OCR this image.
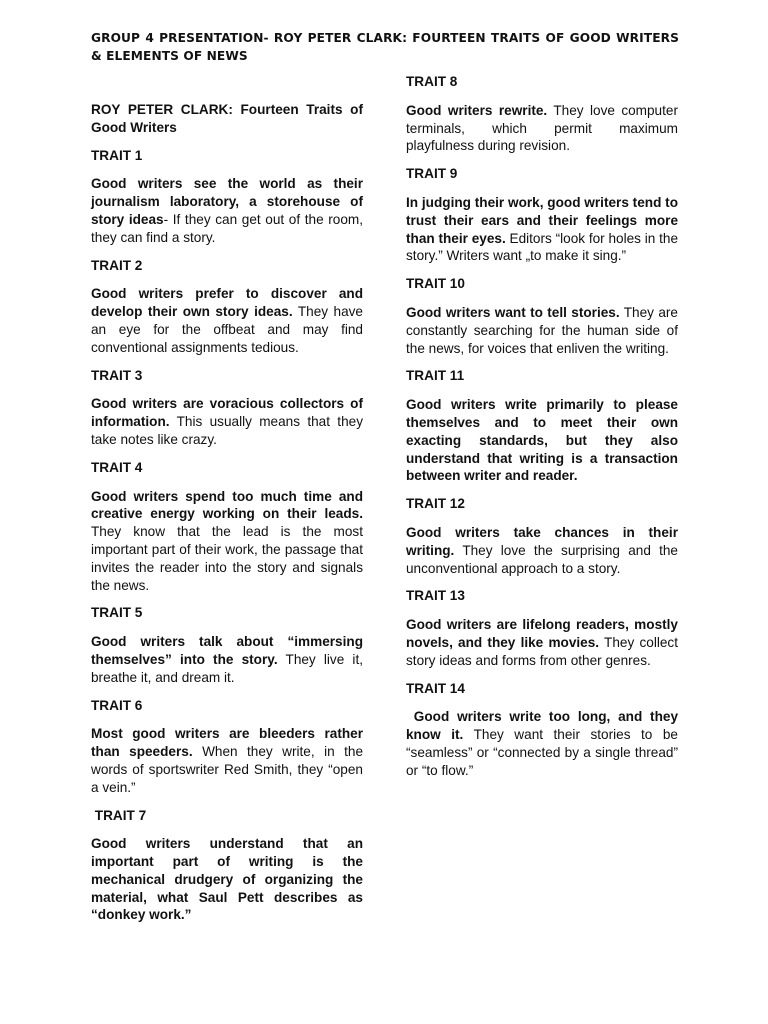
GROUP 4 PRESENTATION- ROY PETER CLARK: FOURTEEN TRAITS OF GOOD WRITERS & ELEMENTS OF NEWS
ROY PETER CLARK: Fourteen Traits of Good Writers
TRAIT 1
Good writers see the world as their journalism laboratory, a storehouse of story ideas- If they can get out of the room, they can find a story.
TRAIT 2
Good writers prefer to discover and develop their own story ideas. They have an eye for the offbeat and may find conventional assignments tedious.
TRAIT 3
Good writers are voracious collectors of information. This usually means that they take notes like crazy.
TRAIT 4
Good writers spend too much time and creative energy working on their leads. They know that the lead is the most important part of their work, the passage that invites the reader into the story and signals the news.
TRAIT 5
Good writers talk about “immersing themselves” into the story. They live it, breathe it, and dream it.
TRAIT 6
Most good writers are bleeders rather than speeders. When they write, in the words of sportswriter Red Smith, they “open a vein.”
TRAIT 7
Good writers understand that an important part of writing is the mechanical drudgery of organizing the material, what Saul Pett describes as “donkey work.”
TRAIT 8
Good writers rewrite. They love computer terminals, which permit maximum playfulness during revision.
TRAIT 9
In judging their work, good writers tend to trust their ears and their feelings more than their eyes. Editors “look for holes in the story.” Writers want „to make it sing.”
TRAIT 10
Good writers want to tell stories. They are constantly searching for the human side of the news, for voices that enliven the writing.
TRAIT 11
Good writers write primarily to please themselves and to meet their own exacting standards, but they also understand that writing is a transaction between writer and reader.
TRAIT 12
Good writers take chances in their writing. They love the surprising and the unconventional approach to a story.
TRAIT 13
Good writers are lifelong readers, mostly novels, and they like movies. They collect story ideas and forms from other genres.
TRAIT 14
Good writers write too long, and they know it. They want their stories to be “seamless” or “connected by a single thread” or “to flow.”
